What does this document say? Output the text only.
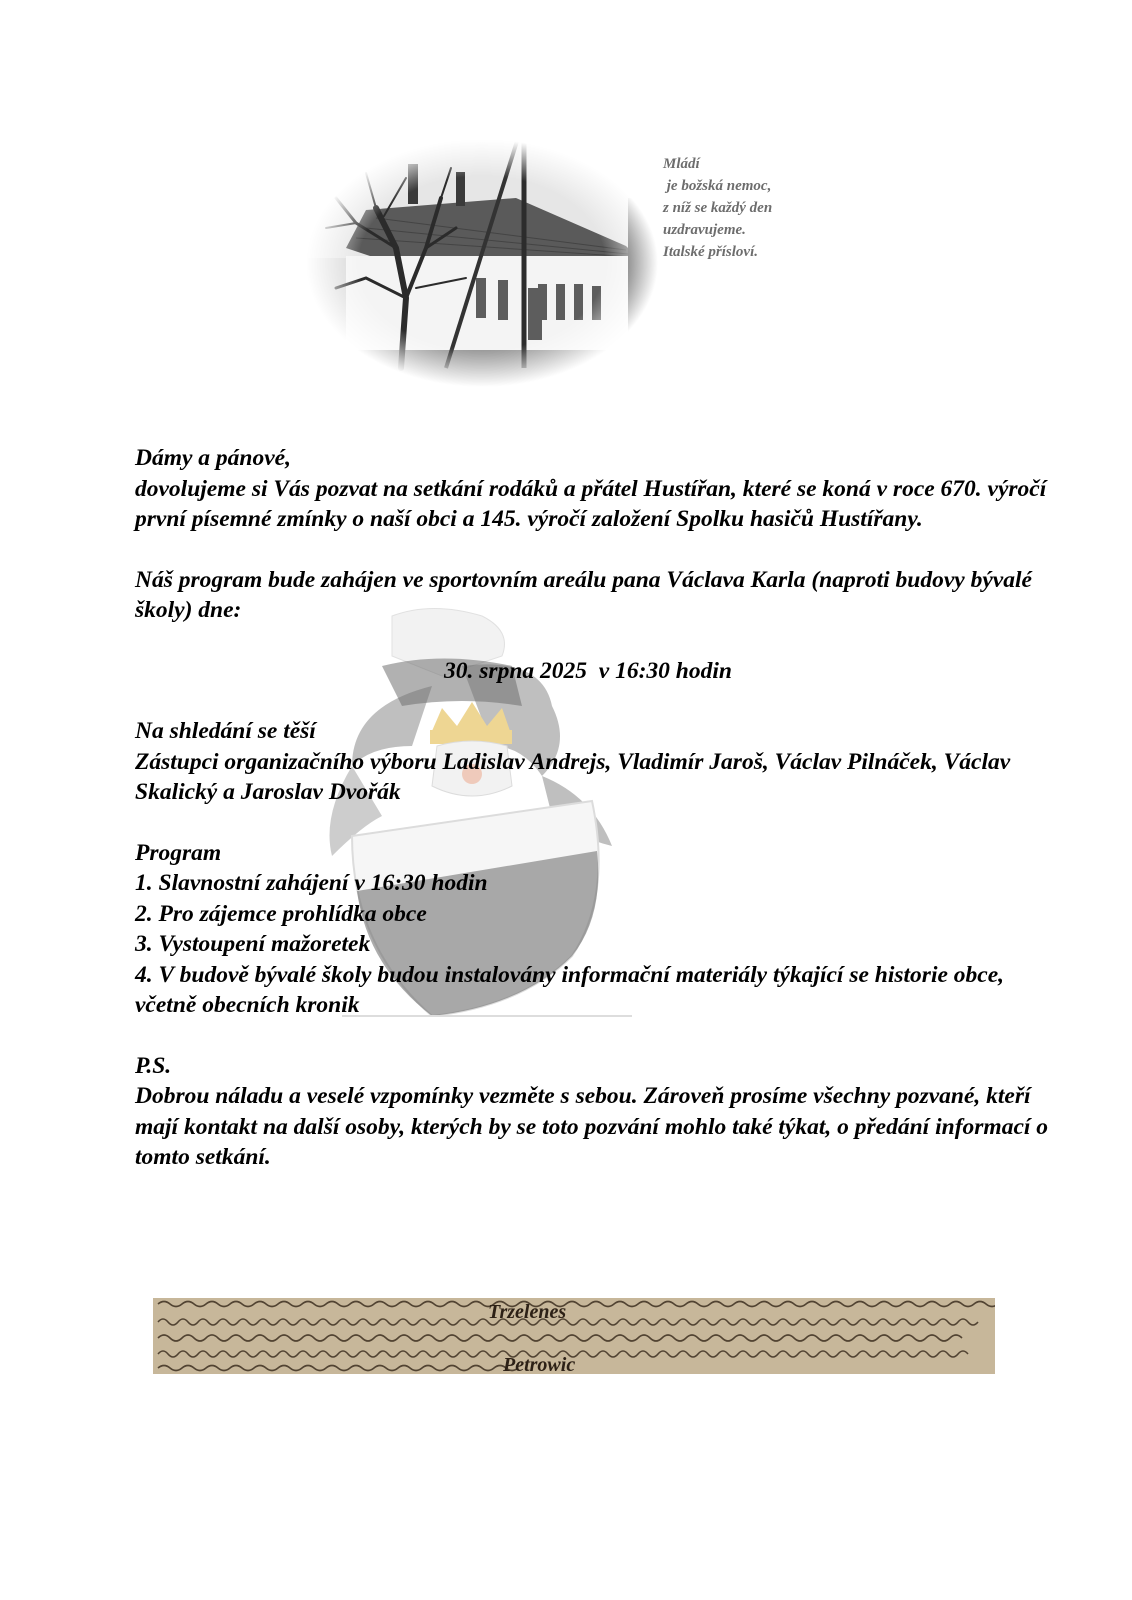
Mládí
je božská nemoc,
z níž se každý den
uzdravujeme.
Italské přísloví.

Dámy a pánové,

dovolujeme si Vás pozvat na setkání rodáků a přátel Hustířan, které se koná v roce 670. výročí první písemné zmínky o naší obci a 145. výročí založení Spolku hasičů Hustířany.

Náš program bude zahájen ve sportovním areálu pana Václava Karla (naproti budovy bývalé školy) dne:

30. srpna 2025  v 16:30 hodin

Na shledání se těší

Zástupci organizačního výboru Ladislav Andrejs, Vladimír Jaroš, Václav Pilnáček, Václav Skalický a Jaroslav Dvořák

Program

1. Slavnostní zahájení v 16:30 hodin

2. Pro zájemce prohlídka obce

3. Vystoupení mažoretek

4. V budově bývalé školy budou instalovány informační materiály týkající se historie obce, včetně obecních kronik

P.S.

Dobrou náladu a veselé vzpomínky vezměte s sebou. Zároveň prosíme všechny pozvané, kteří mají kontakt na další osoby, kterých by se toto pozvání mohlo také týkat, o předání informací o tomto setkání.

Trzelenes
Petrowic
